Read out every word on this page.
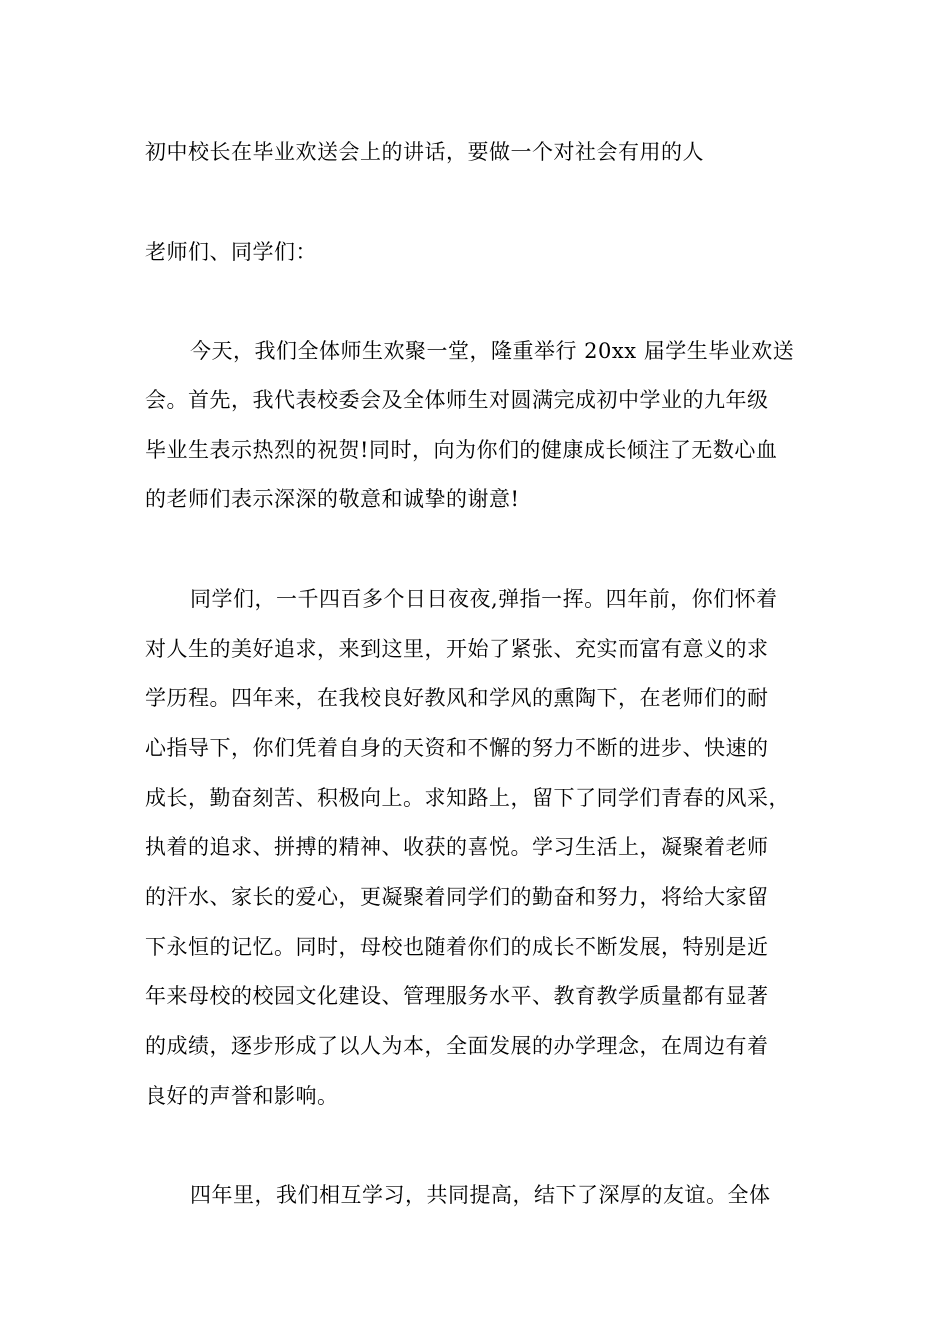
初中校长在毕业欢送会上的讲话，要做一个对社会有用的人
老师们、同学们：
今天，我们全体师生欢聚一堂，隆重举行 20xx 届学生毕业欢送
会。首先，我代表校委会及全体师生对圆满完成初中学业的九年级
毕业生表示热烈的祝贺!同时，向为你们的健康成长倾注了无数心血
的老师们表示深深的敬意和诚挚的谢意!
同学们，一千四百多个日日夜夜,弹指一挥。四年前，你们怀着
对人生的美好追求，来到这里，开始了紧张、充实而富有意义的求
学历程。四年来，在我校良好教风和学风的熏陶下，在老师们的耐
心指导下，你们凭着自身的天资和不懈的努力不断的进步、快速的
成长，勤奋刻苦、积极向上。求知路上，留下了同学们青春的风采，
执着的追求、拼搏的精神、收获的喜悦。学习生活上，凝聚着老师
的汗水、家长的爱心，更凝聚着同学们的勤奋和努力，将给大家留
下永恒的记忆。同时，母校也随着你们的成长不断发展，特别是近
年来母校的校园文化建设、管理服务水平、教育教学质量都有显著
的成绩，逐步形成了以人为本，全面发展的办学理念，在周边有着
良好的声誉和影响。
四年里，我们相互学习，共同提高，结下了深厚的友谊。全体
